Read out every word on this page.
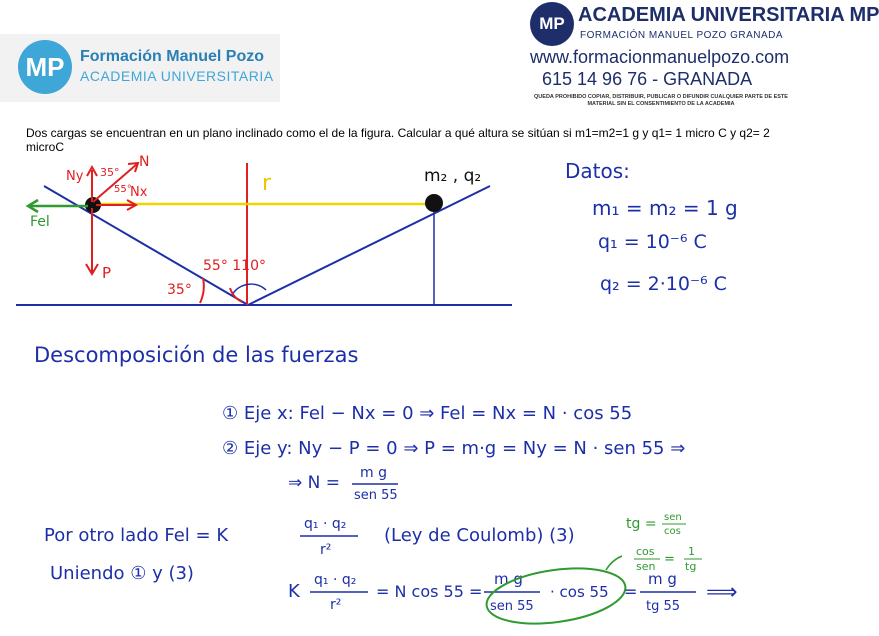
MP Formación Manuel Pozo
ACADEMIA UNIVERSITARIA
MP ACADEMIA UNIVERSITARIA MP
FORMACIÓN MANUEL POZO GRANADA
www.formacionmanuelpozo.com
615 14 96 76 - GRANADA
QUEDA PROHIBIDO COPIAR, DISTRIBUIR, PUBLICAR O DIFUNDIR CUALQUIER PARTE DE ESTE MATERIAL SIN EL CONSENTIMIENTO DE LA ACADEMIA
Dos cargas se encuentran en un plano inclinado como el de la figura. Calcular a qué altura se sitúan si m1=m2=1 g y q1= 1 micro C y q2= 2 microC
Ny
N
Nx
35°
55°
Fel
P
r	m₂ , q₂
55° 110°
35°
Datos:
m₁ = m₂ = 1 g
q₁ = 10⁻⁶ C
q₂ = 2·10⁻⁶ C
Descomposición de las fuerzas
① Eje x: Fel − Nx = 0 ⇒ Fel = Nx = N · cos 55
② Eje y: Ny − P = 0 ⇒ P = m·g = Ny = N · sen 55 ⇒
⇒ N = m g
sen 55
Por otro lado Fel = K
q₁ · q₂
r²
(Ley de Coulomb) (3)
tg = sen
cos
cos
sen =
1
tg
Uniendo ① y (3)
K
q₁ · q₂
r²
= N cos 55 =
m g
sen 55
· cos 55 =
m g
tg 55
⟹
